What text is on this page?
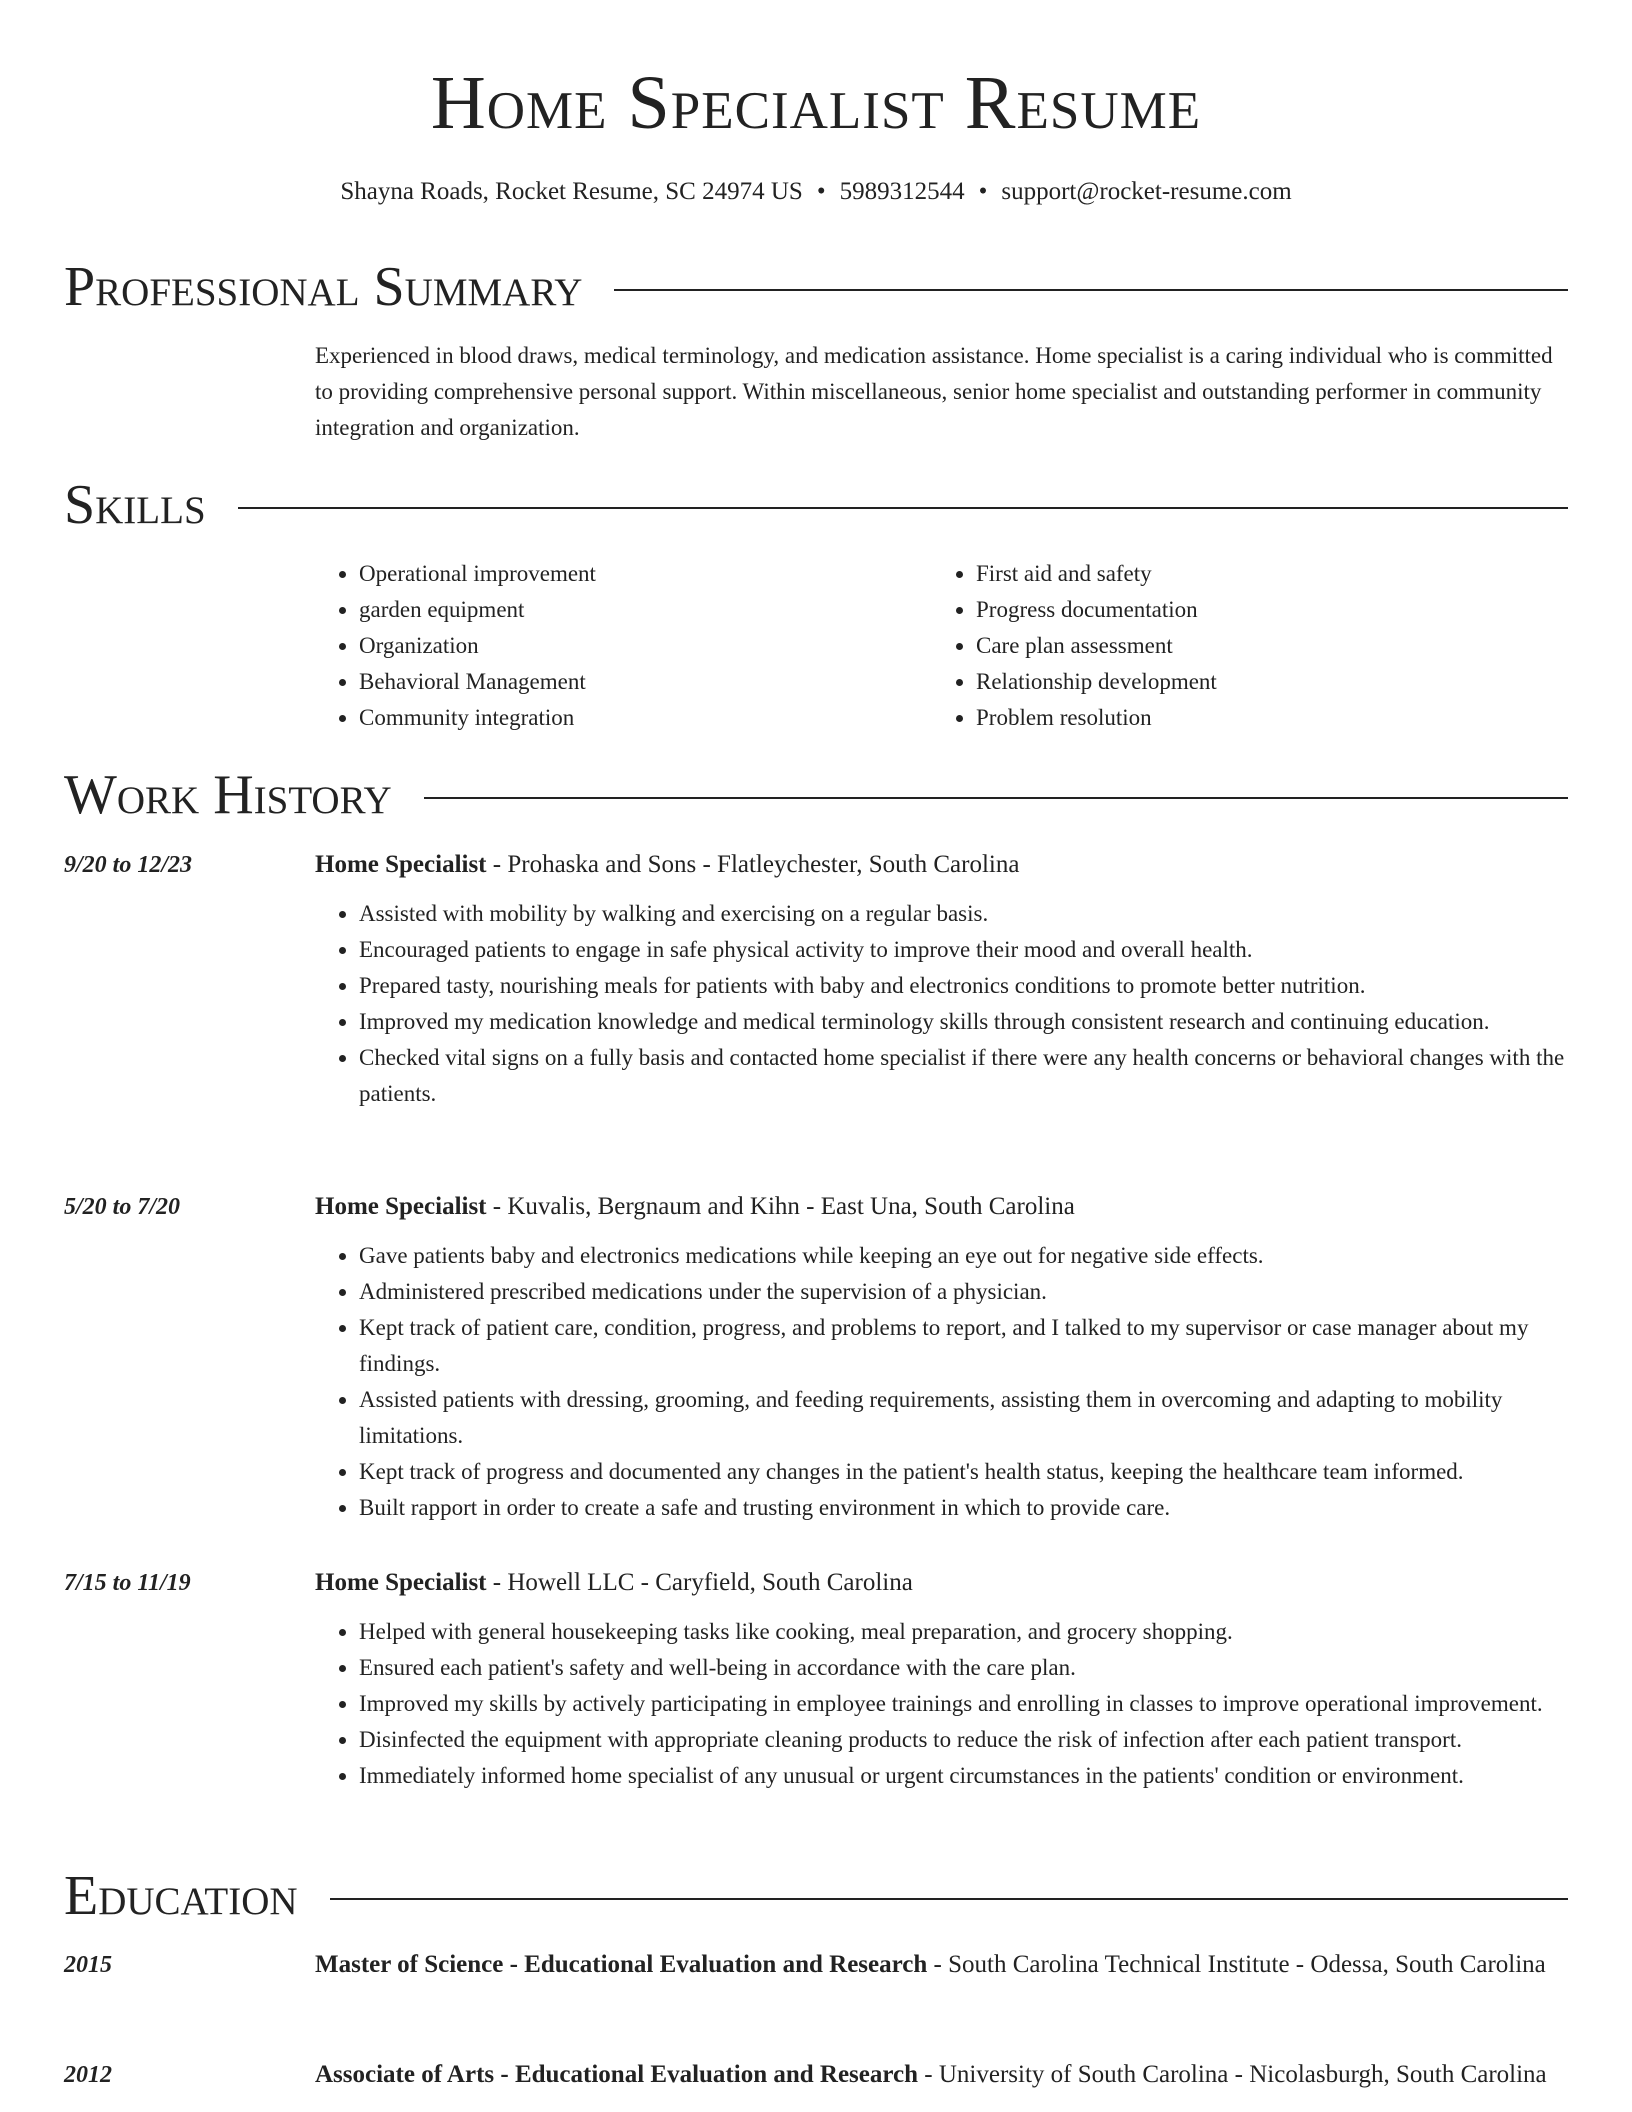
Home Specialist Resume
Shayna Roads, Rocket Resume, SC 24974 US • 5989312544 • support@rocket-resume.com
Professional Summary

Experienced in blood draws, medical terminology, and medication assistance. Home specialist is a caring individual who is committed to providing comprehensive personal support. Within miscellaneous, senior home specialist and outstanding performer in community integration and organization.

Skills
• Operational improvement
• garden equipment
• Organization
• Behavioral Management
• Community integration
• First aid and safety
• Progress documentation
• Care plan assessment
• Relationship development
• Problem resolution
Work History
9/20 to 12/23	Home Specialist - Prohaska and Sons - Flatleychester, South Carolina
• Assisted with mobility by walking and exercising on a regular basis.
• Encouraged patients to engage in safe physical activity to improve their mood and overall health.
• Prepared tasty, nourishing meals for patients with baby and electronics conditions to promote better nutrition.
• Improved my medication knowledge and medical terminology skills through consistent research and continuing education.
• Checked vital signs on a fully basis and contacted home specialist if there were any health concerns or behavioral changes with the patients.
5/20 to 7/20	Home Specialist - Kuvalis, Bergnaum and Kihn - East Una, South Carolina
• Gave patients baby and electronics medications while keeping an eye out for negative side effects.
• Administered prescribed medications under the supervision of a physician.
• Kept track of patient care, condition, progress, and problems to report, and I talked to my supervisor or case manager about my findings.
• Assisted patients with dressing, grooming, and feeding requirements, assisting them in overcoming and adapting to mobility limitations.
• Kept track of progress and documented any changes in the patient's health status, keeping the healthcare team informed.
• Built rapport in order to create a safe and trusting environment in which to provide care.
7/15 to 11/19	Home Specialist - Howell LLC - Caryfield, South Carolina
• Helped with general housekeeping tasks like cooking, meal preparation, and grocery shopping.
• Ensured each patient's safety and well-being in accordance with the care plan.
• Improved my skills by actively participating in employee trainings and enrolling in classes to improve operational improvement.
• Disinfected the equipment with appropriate cleaning products to reduce the risk of infection after each patient transport.
• Immediately informed home specialist of any unusual or urgent circumstances in the patients' condition or environment.
Education
2015	Master of Science - Educational Evaluation and Research - South Carolina Technical Institute - Odessa, South Carolina
2012	Associate of Arts - Educational Evaluation and Research - University of South Carolina - Nicolasburgh, South Carolina
